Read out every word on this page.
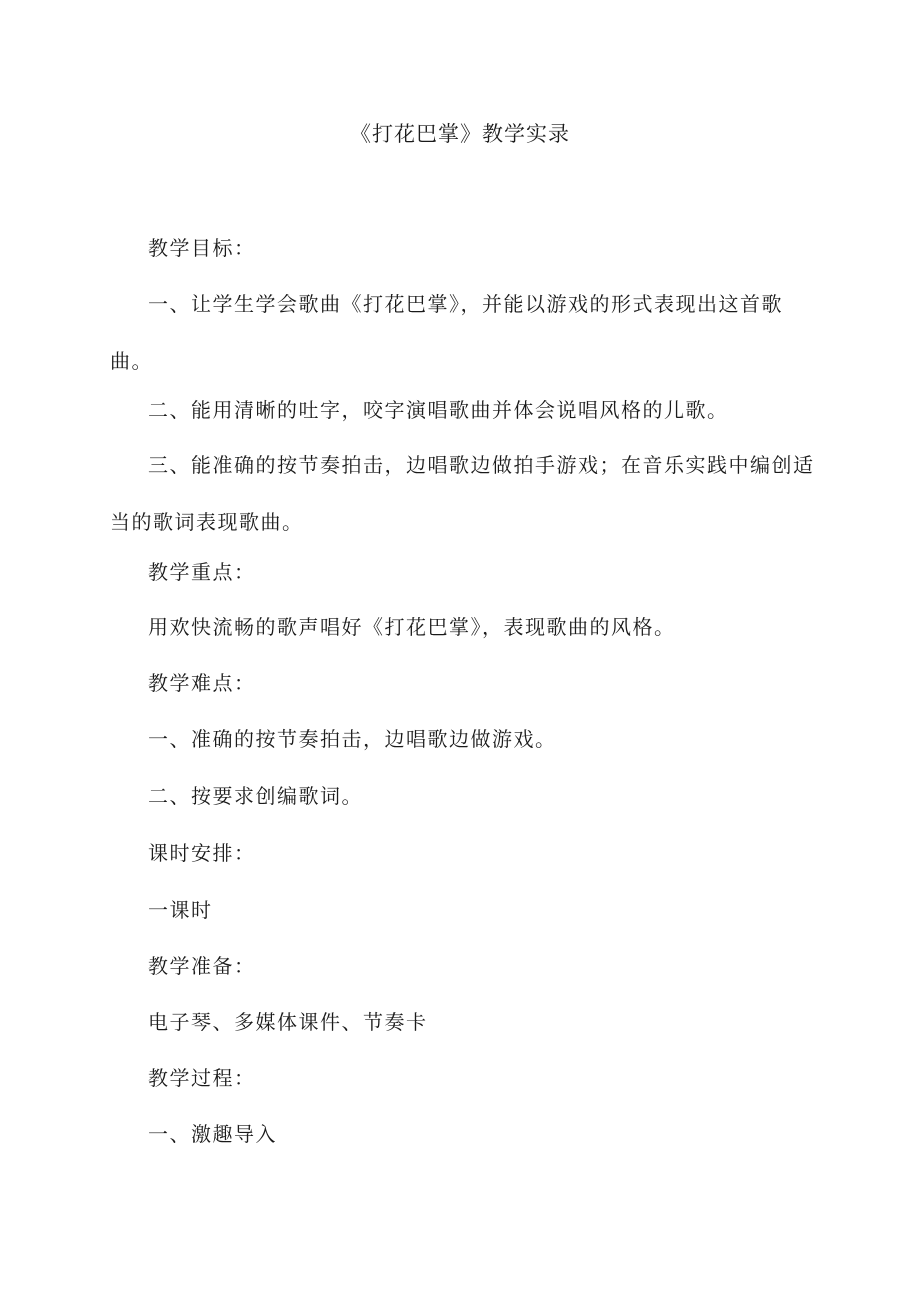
《打花巴掌》教学实录
教学目标：

一、让学生学会歌曲《打花巴掌》，并能以游戏的形式表现出这首歌曲。

二、能用清晰的吐字，咬字演唱歌曲并体会说唱风格的儿歌。

三、能准确的按节奏拍击，边唱歌边做拍手游戏；在音乐实践中编创适当的歌词表现歌曲。

教学重点：
用欢快流畅的歌声唱好《打花巴掌》，表现歌曲的风格。
教学难点：
一、准确的按节奏拍击，边唱歌边做游戏。
二、按要求创编歌词。
课时安排：
一课时
教学准备：
电子琴、多媒体课件、节奏卡
教学过程：
一、激趣导入
